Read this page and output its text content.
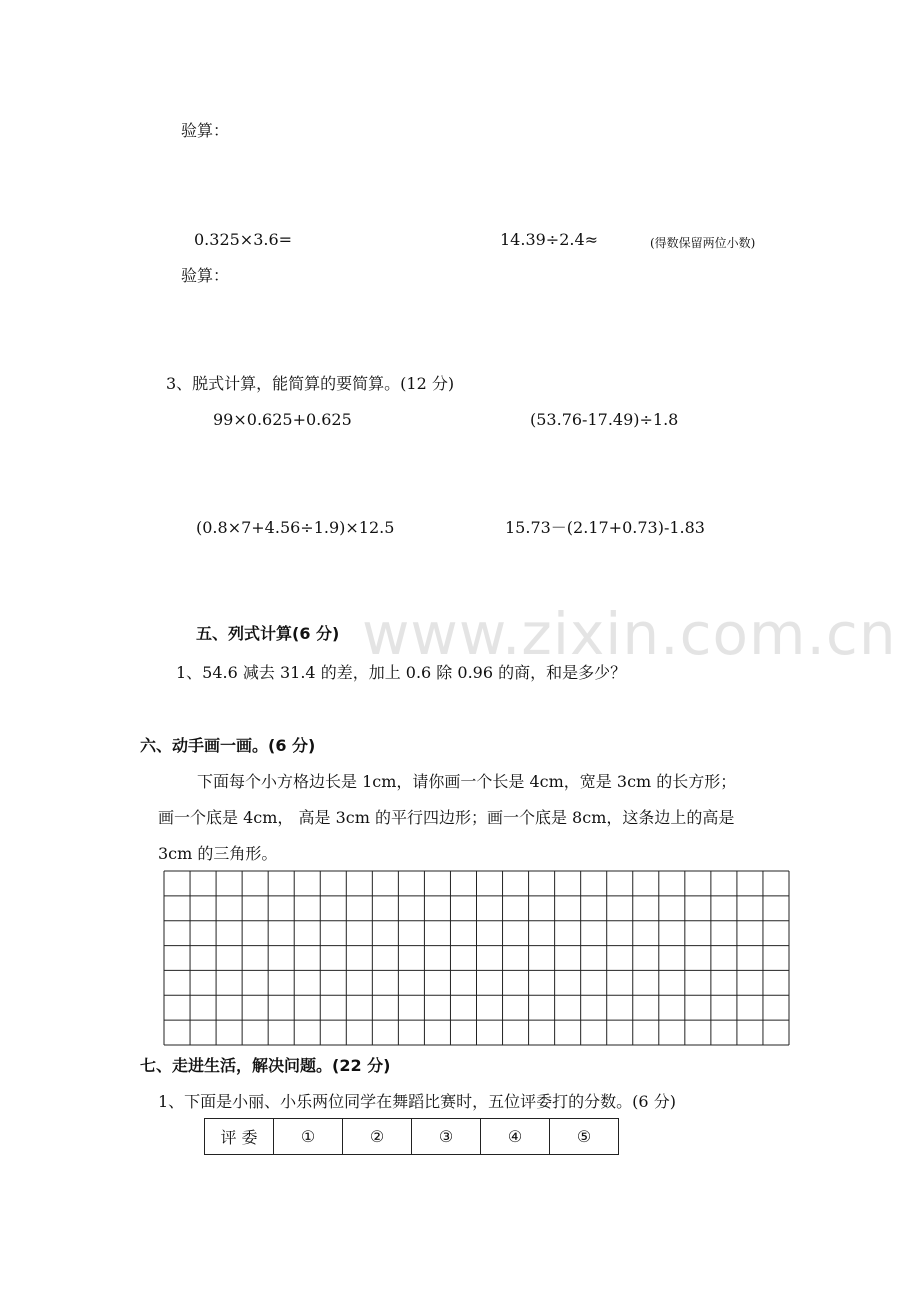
验算：
0.325×3.6=	14.39÷2.4≈	(得数保留两位小数)
验算：
3、脱式计算，能简算的要简算。(12 分)
99×0.625+0.625	(53.76-17.49)÷1.8
(0.8×7+4.56÷1.9)×12.5	15.73－(2.17+0.73)-1.83
www.zixin.com.cn
五、列式计算(6 分)
1、54.6 减去 31.4 的差，加上 0.6 除 0.96 的商，和是多少？
六、动手画一画。(6 分)
下面每个小方格边长是 1cm，请你画一个长是 4cm，宽是 3cm 的长方形；
画一个底是 4cm， 高是 3cm 的平行四边形；画一个底是 8cm，这条边上的高是
3cm 的三角形。
七、走进生活，解决问题。(22 分)
1、下面是小丽、小乐两位同学在舞蹈比赛时，五位评委打的分数。(6 分)
评 委	①	②	③	④	⑤
